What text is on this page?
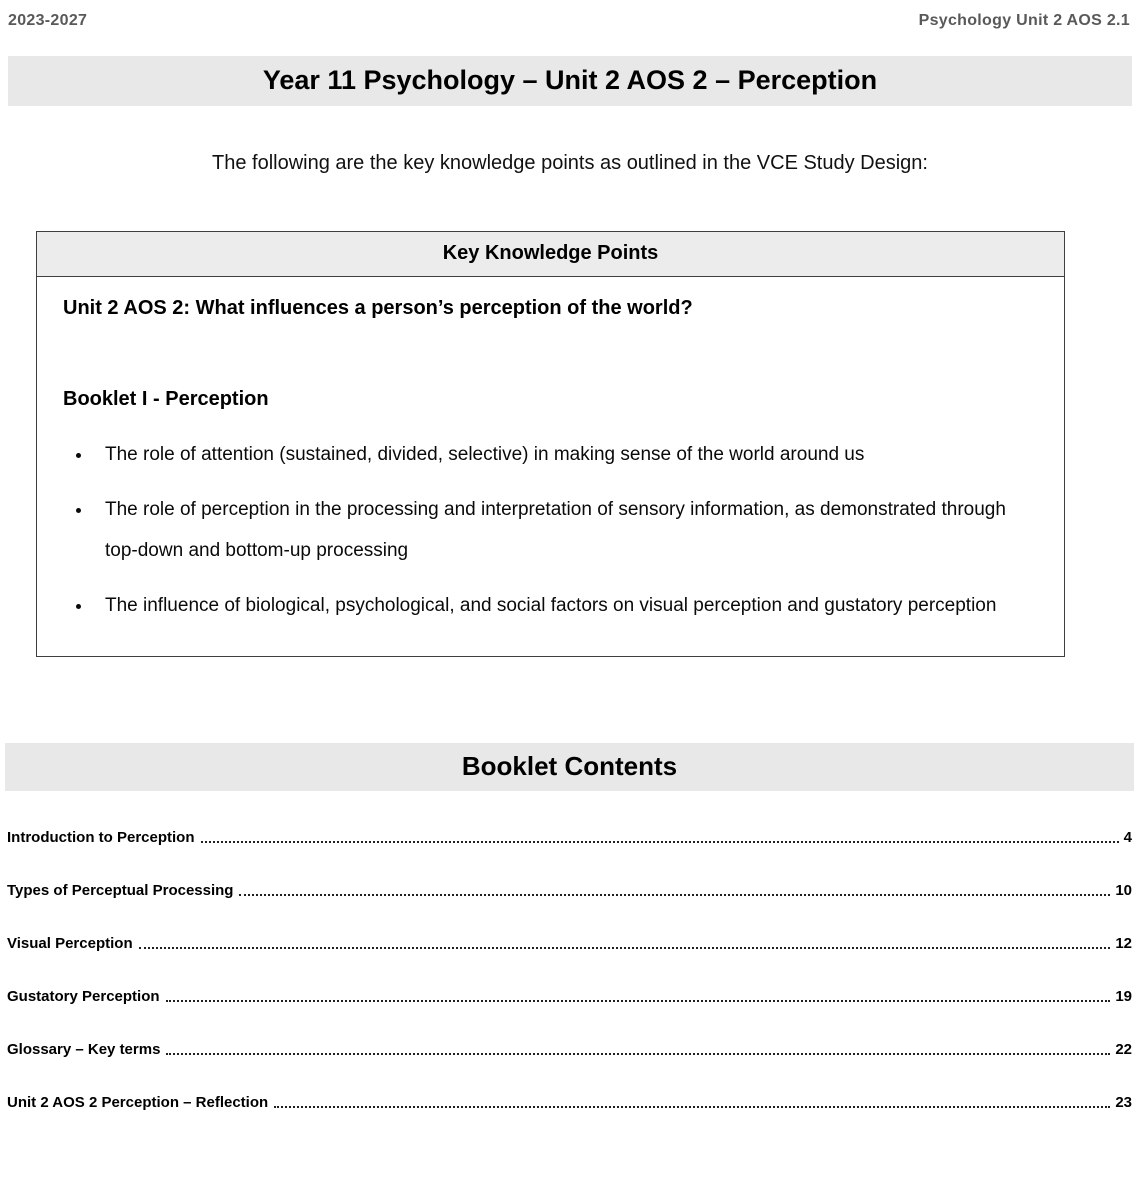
2023-2027	Psychology Unit 2 AOS 2.1
Year 11 Psychology – Unit 2 AOS 2 – Perception

The following are the key knowledge points as outlined in the VCE Study Design:

Key Knowledge Points

Unit 2 AOS 2: What influences a person’s perception of the world?

Booklet I - Perception

• The role of attention (sustained, divided, selective) in making sense of the world around us
• The role of perception in the processing and interpretation of sensory information, as demonstrated through top-down and bottom-up processing
• The influence of biological, psychological, and social factors on visual perception and gustatory perception
Booklet Contents
Introduction to Perception	4
Types of Perceptual Processing	10
Visual Perception	12
Gustatory Perception	19
Glossary – Key terms	22
Unit 2 AOS 2 Perception – Reflection	23
